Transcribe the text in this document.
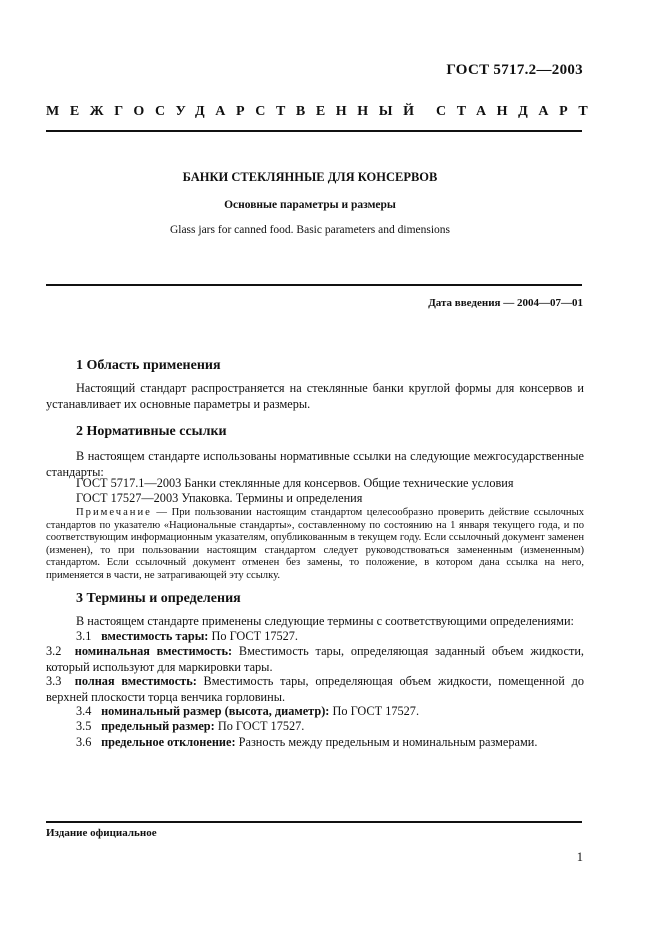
ГОСТ 5717.2—2003
МЕЖГОСУДАРСТВЕННЫЙ СТАНДАРТ
БАНКИ СТЕКЛЯННЫЕ ДЛЯ КОНСЕРВОВ
Основные параметры и размеры
Glass jars for canned food. Basic parameters and dimensions
Дата введения — 2004—07—01
1 Область применения
Настоящий стандарт распространяется на стеклянные банки круглой формы для консервов и устанавливает их основные параметры и размеры.
2 Нормативные ссылки
В настоящем стандарте использованы нормативные ссылки на следующие межгосударственные стандарты:
ГОСТ 5717.1—2003 Банки стеклянные для консервов. Общие технические условия
ГОСТ 17527—2003 Упаковка. Термины и определения
Примечание — При пользовании настоящим стандартом целесообразно проверить действие ссылочных стандартов по указателю «Национальные стандарты», составленному по состоянию на 1 января текущего года, и по соответствующим информационным указателям, опубликованным в текущем году. Если ссылочный документ заменен (изменен), то при пользовании настоящим стандартом следует руководствоваться замененным (измененным) стандартом. Если ссылочный документ отменен без замены, то положение, в котором дана ссылка на него, применяется в части, не затрагивающей эту ссылку.
3 Термины и определения
В настоящем стандарте применены следующие термины с соответствующими определениями:
3.1 вместимость тары: По ГОСТ 17527.
3.2 номинальная вместимость: Вместимость тары, определяющая заданный объем жидкости, который используют для маркировки тары.
3.3 полная вместимость: Вместимость тары, определяющая объем жидкости, помещенной до верхней плоскости торца венчика горловины.
3.4 номинальный размер (высота, диаметр): По ГОСТ 17527.
3.5 предельный размер: По ГОСТ 17527.
3.6 предельное отклонение: Разность между предельным и номинальным размерами.
Издание официальное
1
